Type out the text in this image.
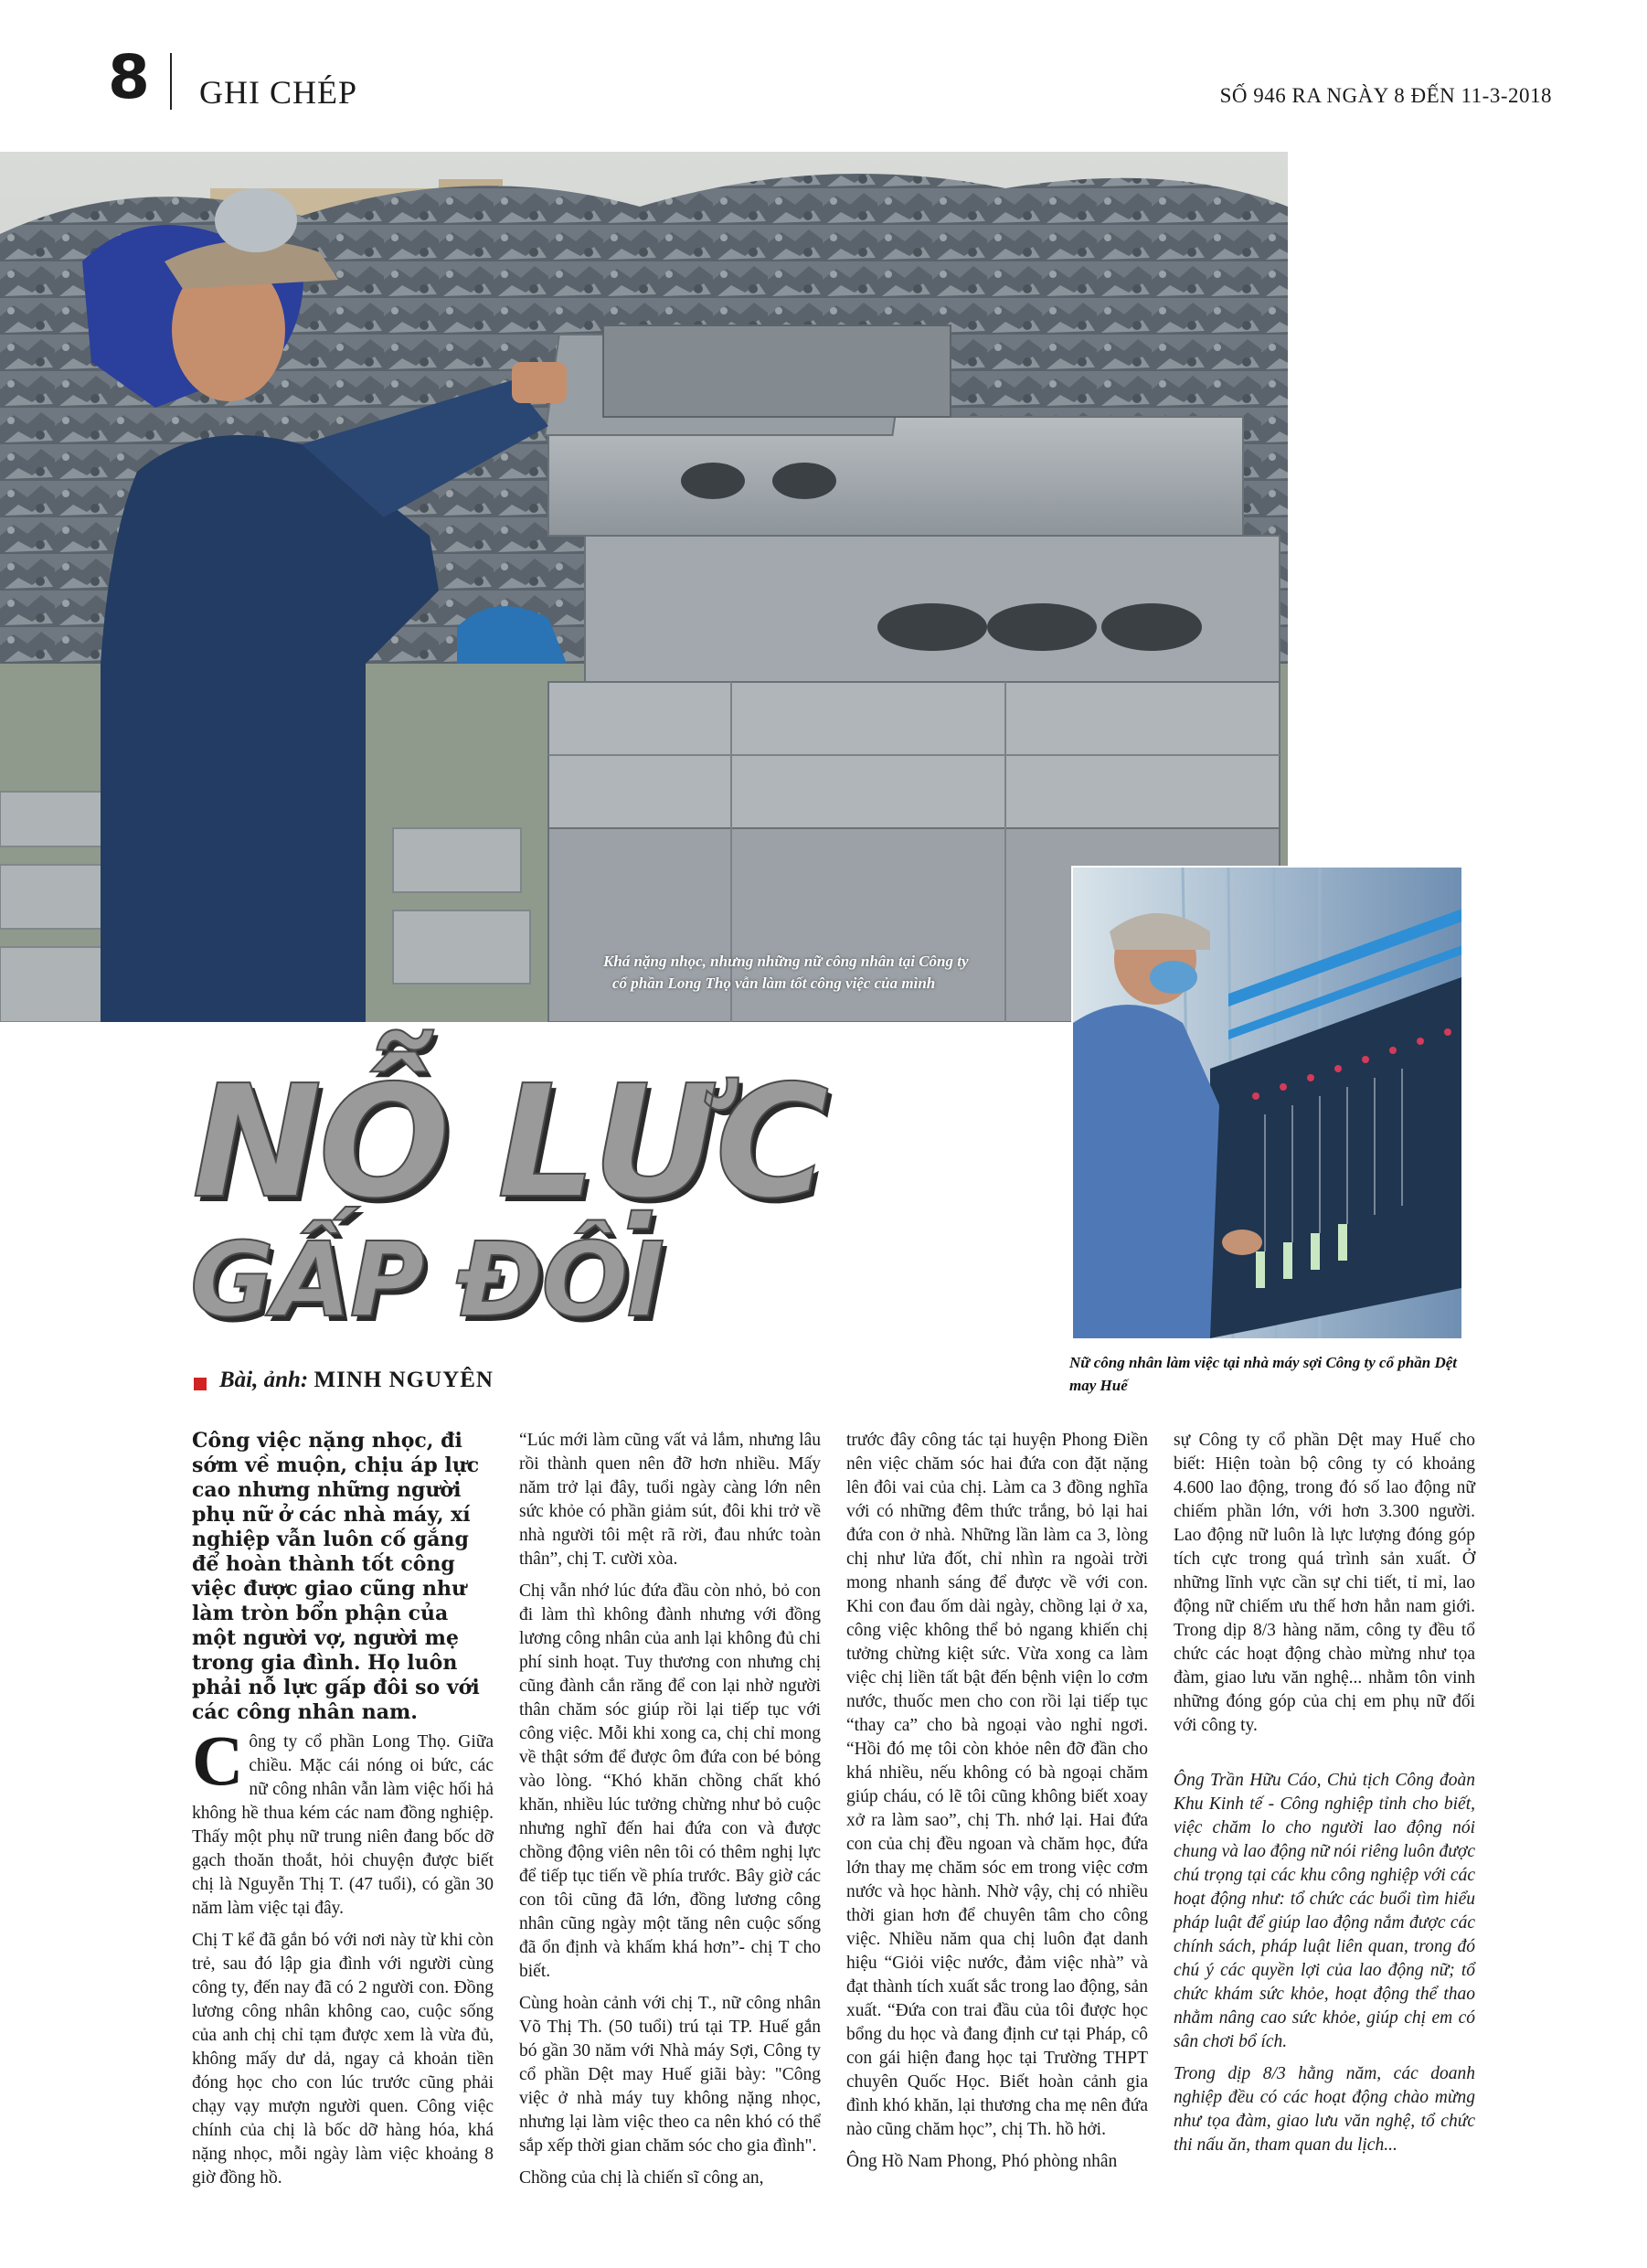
8 GHI CHÉP	SỐ 946 RA NGÀY 8 ĐẾN 11-3-2018
Khá nặng nhọc, nhưng những nữ công nhân tại Công ty
cổ phần Long Thọ vẫn làm tốt công việc của mình
Nữ công nhân làm việc tại nhà máy sợi Công ty cổ phần Dệt may Huế
NỖ LỰC
GẤP ĐÔI
Bài, ảnh: MINH NGUYÊN
Công việc nặng nhọc, đi sớm về muộn, chịu áp lực cao nhưng những người phụ nữ ở các nhà máy, xí nghiệp vẫn luôn cố gắng để hoàn thành tốt công việc được giao cũng như làm tròn bổn phận của một người vợ, người mẹ trong gia đình. Họ luôn phải nỗ lực gấp đôi so với các công nhân nam.

Công ty cổ phần Long Thọ. Giữa chiều. Mặc cái nóng oi bức, các nữ công nhân vẫn làm việc hối hả không hề thua kém các nam đồng nghiệp. Thấy một phụ nữ trung niên đang bốc dỡ gạch thoăn thoắt, hỏi chuyện được biết chị là Nguyễn Thị T. (47 tuổi), có gần 30 năm làm việc tại đây.

Chị T kể đã gắn bó với nơi này từ khi còn trẻ, sau đó lập gia đình với người cùng công ty, đến nay đã có 2 người con. Đồng lương công nhân không cao, cuộc sống của anh chị chỉ tạm được xem là vừa đủ, không mấy dư dả, ngay cả khoản tiền đóng học cho con lúc trước cũng phải chạy vạy mượn người quen. Công việc chính của chị là bốc dỡ hàng hóa, khá nặng nhọc, mỗi ngày làm việc khoảng 8 giờ đồng hồ.

“Lúc mới làm cũng vất vả lắm, nhưng lâu rồi thành quen nên đỡ hơn nhiều. Mấy năm trở lại đây, tuổi ngày càng lớn nên sức khỏe có phần giảm sút, đôi khi trở về nhà người tôi mệt rã rời, đau nhức toàn thân”, chị T. cười xòa.

Chị vẫn nhớ lúc đứa đầu còn nhỏ, bỏ con đi làm thì không đành nhưng với đồng lương công nhân của anh lại không đủ chi phí sinh hoạt. Tuy thương con nhưng chị cũng đành cắn răng để con lại nhờ người thân chăm sóc giúp rồi lại tiếp tục với công việc. Mỗi khi xong ca, chị chỉ mong về thật sớm để được ôm đứa con bé bỏng vào lòng. “Khó khăn chồng chất khó khăn, nhiều lúc tưởng chừng như bỏ cuộc nhưng nghĩ đến hai đứa con và được chồng động viên nên tôi có thêm nghị lực để tiếp tục tiến về phía trước. Bây giờ các con tôi cũng đã lớn, đồng lương công nhân cũng ngày một tăng nên cuộc sống đã ổn định và khấm khá hơn”- chị T cho biết.

Cùng hoàn cảnh với chị T., nữ công nhân Võ Thị Th. (50 tuổi) trú tại TP. Huế gắn bó gần 30 năm với Nhà máy Sợi, Công ty cổ phần Dệt may Huế giãi bày: "Công việc ở nhà máy tuy không nặng nhọc, nhưng lại làm việc theo ca nên khó có thể sắp xếp thời gian chăm sóc cho gia đình".

Chồng của chị là chiến sĩ công an,

trước đây công tác tại huyện Phong Điền nên việc chăm sóc hai đứa con đặt nặng lên đôi vai của chị. Làm ca 3 đồng nghĩa với có những đêm thức trắng, bỏ lại hai đứa con ở nhà. Những lần làm ca 3, lòng chị như lửa đốt, chỉ nhìn ra ngoài trời mong nhanh sáng để được về với con. Khi con đau ốm dài ngày, chồng lại ở xa, công việc không thể bỏ ngang khiến chị tưởng chừng kiệt sức. Vừa xong ca làm việc chị liền tất bật đến bệnh viện lo cơm nước, thuốc men cho con rồi lại tiếp tục “thay ca” cho bà ngoại vào nghỉ ngơi. “Hồi đó mẹ tôi còn khỏe nên đỡ đần cho khá nhiều, nếu không có bà ngoại chăm giúp cháu, có lẽ tôi cũng không biết xoay xở ra làm sao”, chị Th. nhớ lại. Hai đứa con của chị đều ngoan và chăm học, đứa lớn thay mẹ chăm sóc em trong việc cơm nước và học hành. Nhờ vậy, chị có nhiều thời gian hơn để chuyên tâm cho công việc. Nhiều năm qua chị luôn đạt danh hiệu “Giỏi việc nước, đảm việc nhà” và đạt thành tích xuất sắc trong lao động, sản xuất. “Đứa con trai đầu của tôi được học bổng du học và đang định cư tại Pháp, cô con gái hiện đang học tại Trường THPT chuyên Quốc Học. Biết hoàn cảnh gia đình khó khăn, lại thương cha mẹ nên đứa nào cũng chăm học”, chị Th. hồ hởi.

Ông Hồ Nam Phong, Phó phòng nhân

sự Công ty cổ phần Dệt may Huế cho biết: Hiện toàn bộ công ty có khoảng 4.600 lao động, trong đó số lao động nữ chiếm phần lớn, với hơn 3.300 người. Lao động nữ luôn là lực lượng đóng góp tích cực trong quá trình sản xuất. Ở những lĩnh vực cần sự chi tiết, tỉ mỉ, lao động nữ chiếm ưu thế hơn hẳn nam giới. Trong dịp 8/3 hàng năm, công ty đều tổ chức các hoạt động chào mừng như tọa đàm, giao lưu văn nghệ... nhằm tôn vinh những đóng góp của chị em phụ nữ đối với công ty.

Ông Trần Hữu Cáo, Chủ tịch Công đoàn Khu Kinh tế - Công nghiệp tỉnh cho biết, việc chăm lo cho người lao động nói chung và lao động nữ nói riêng luôn được chú trọng tại các khu công nghiệp với các hoạt động như: tổ chức các buổi tìm hiểu pháp luật để giúp lao động nắm được các chính sách, pháp luật liên quan, trong đó chú ý các quyền lợi của lao động nữ; tổ chức khám sức khỏe, hoạt động thể thao nhằm nâng cao sức khỏe, giúp chị em có sân chơi bổ ích.

Trong dịp 8/3 hằng năm, các doanh nghiệp đều có các hoạt động chào mừng như tọa đàm, giao lưu văn nghệ, tổ chức thi nấu ăn, tham quan du lịch...
